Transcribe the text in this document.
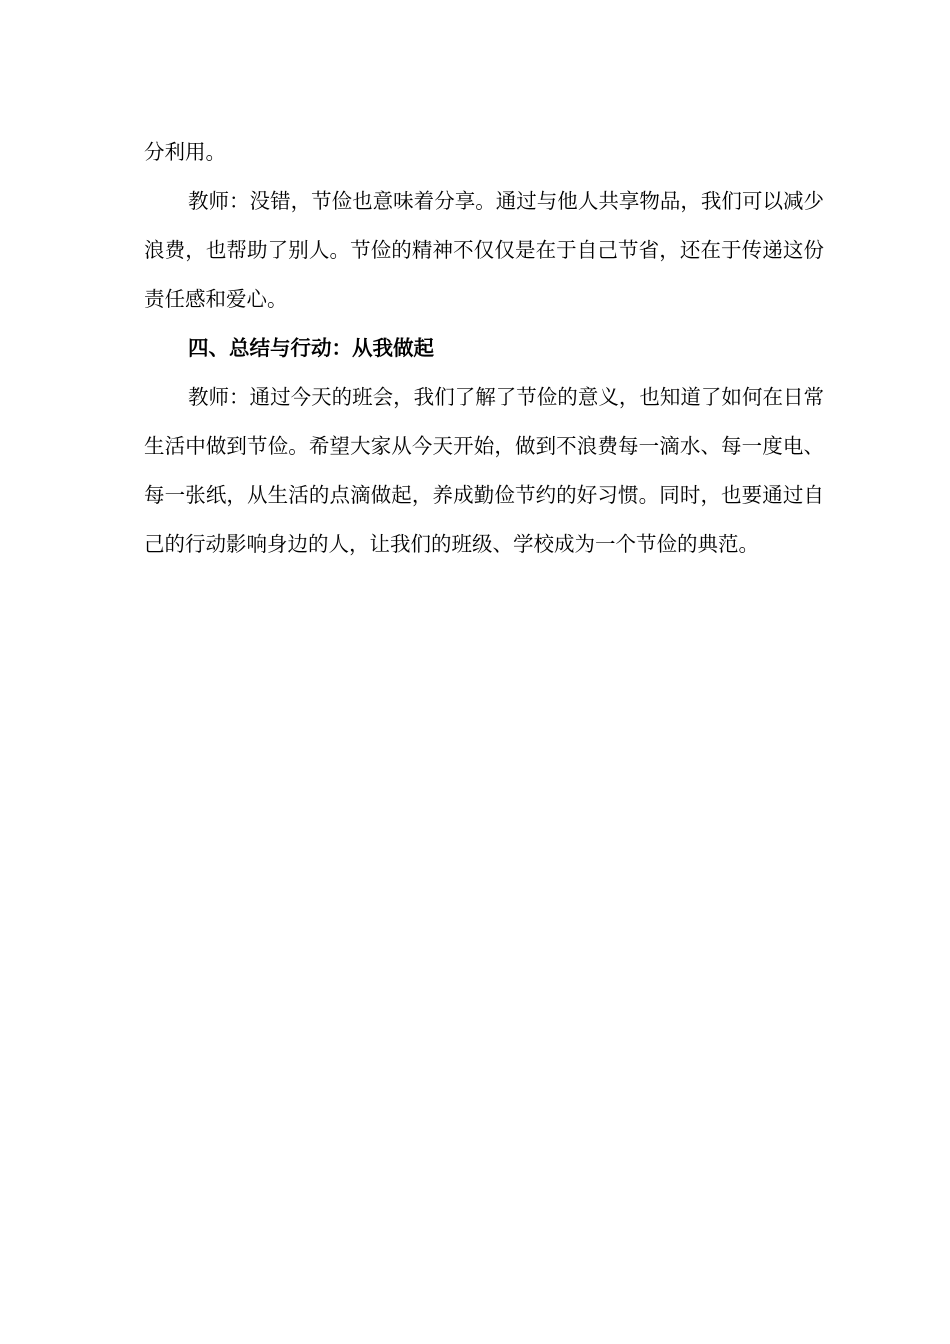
分利用。

教师：没错，节俭也意味着分享。通过与他人共享物品，我们可以减少浪费，也帮助了别人。节俭的精神不仅仅是在于自己节省，还在于传递这份责任感和爱心。

四、总结与行动：从我做起

教师：通过今天的班会，我们了解了节俭的意义，也知道了如何在日常生活中做到节俭。希望大家从今天开始，做到不浪费每一滴水、每一度电、每一张纸，从生活的点滴做起，养成勤俭节约的好习惯。同时，也要通过自己的行动影响身边的人，让我们的班级、学校成为一个节俭的典范。
